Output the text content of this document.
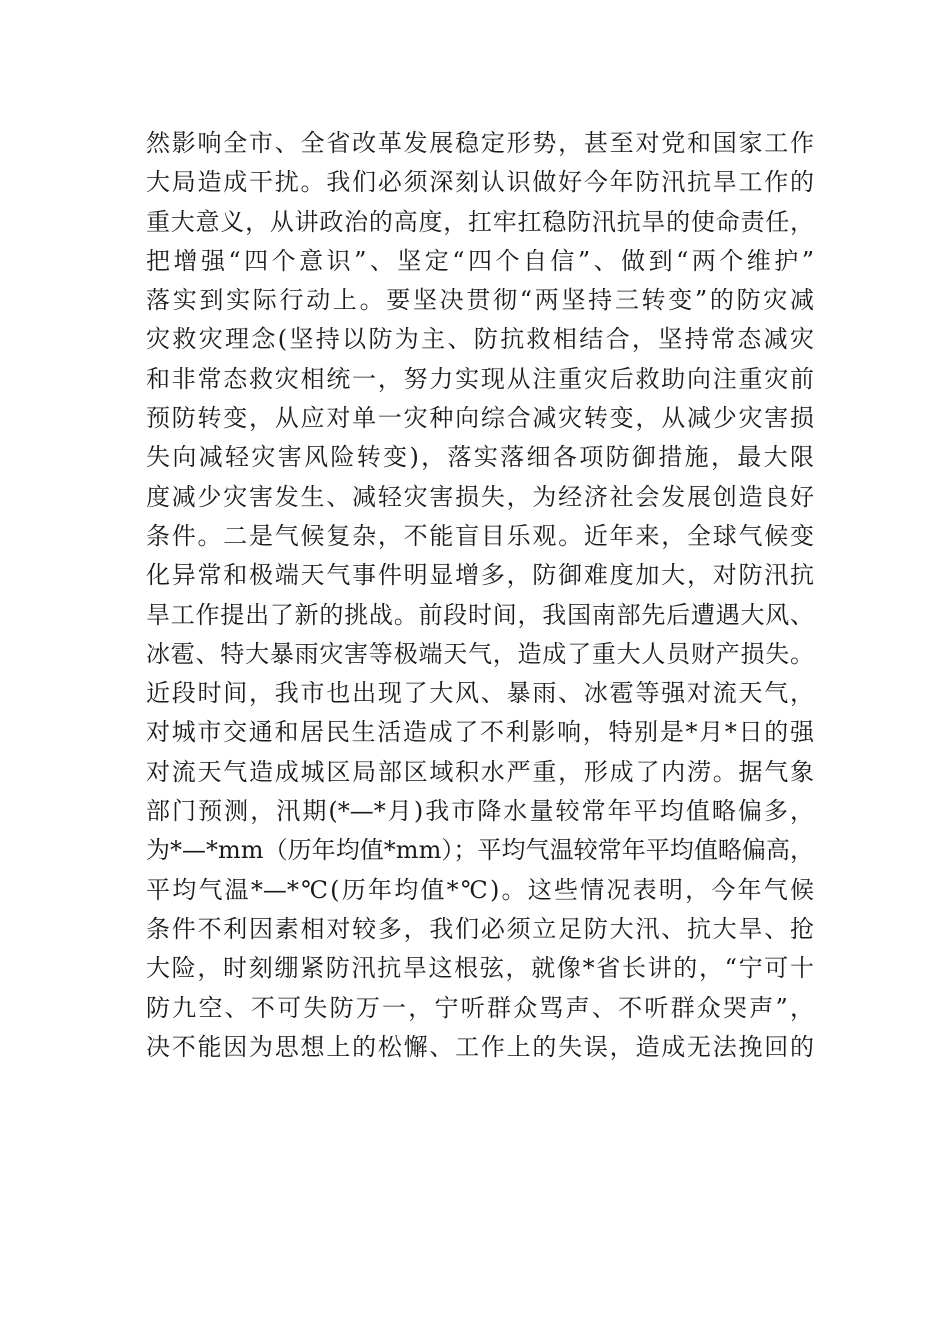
然影响全市、全省改革发展稳定形势，甚至对党和国家工作
大局造成干扰。我们必须深刻认识做好今年防汛抗旱工作的
重大意义，从讲政治的高度，扛牢扛稳防汛抗旱的使命责任，
把增强“四个意识”、坚定“四个自信”、做到“两个维护”
落实到实际行动上。要坚决贯彻“两坚持三转变”的防灾减
灾救灾理念(坚持以防为主、防抗救相结合，坚持常态减灾
和非常态救灾相统一，努力实现从注重灾后救助向注重灾前
预防转变，从应对单一灾种向综合减灾转变，从减少灾害损
失向减轻灾害风险转变)，落实落细各项防御措施，最大限
度减少灾害发生、减轻灾害损失，为经济社会发展创造良好
条件。二是气候复杂，不能盲目乐观。近年来，全球气候变
化异常和极端天气事件明显增多，防御难度加大，对防汛抗
旱工作提出了新的挑战。前段时间，我国南部先后遭遇大风、
冰雹、特大暴雨灾害等极端天气，造成了重大人员财产损失。
近段时间，我市也出现了大风、暴雨、冰雹等强对流天气，
对城市交通和居民生活造成了不利影响，特别是*月*日的强
对流天气造成城区局部区域积水严重，形成了内涝。据气象
部门预测，汛期(*—*月)我市降水量较常年平均值略偏多，
为*—*mm（历年均值*mm）；平均气温较常年平均值略偏高，
平均气温*—*℃(历年均值*℃)。这些情况表明，今年气候
条件不利因素相对较多，我们必须立足防大汛、抗大旱、抢
大险，时刻绷紧防汛抗旱这根弦，就像*省长讲的，“宁可十
防九空、不可失防万一，宁听群众骂声、不听群众哭声”，
决不能因为思想上的松懈、工作上的失误，造成无法挽回的
